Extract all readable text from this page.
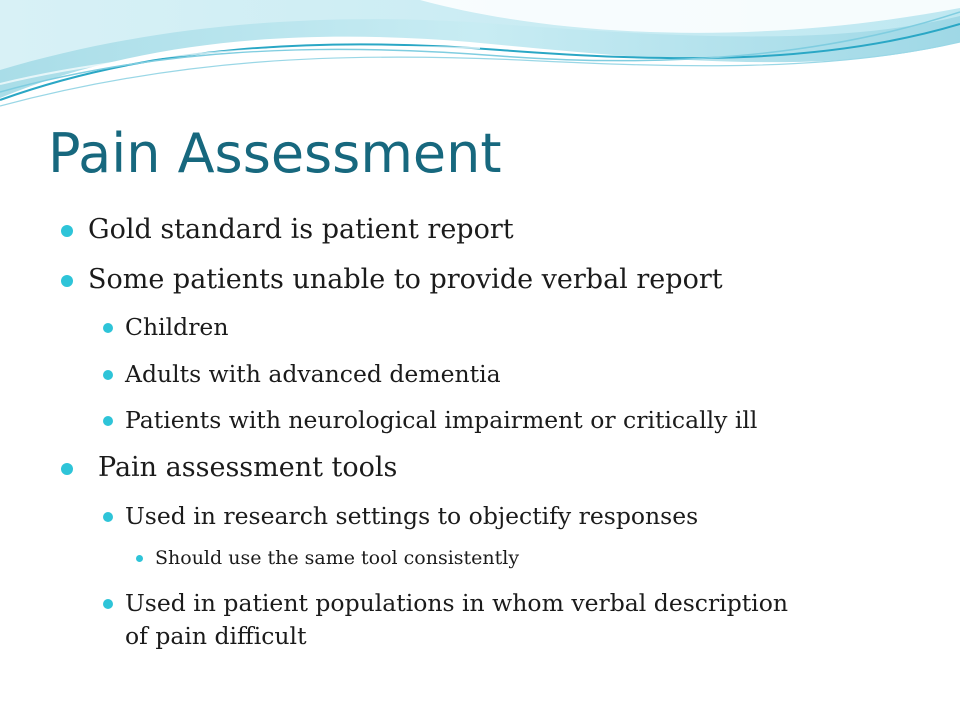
Pain Assessment
Gold standard is patient report
Some patients unable to provide verbal report
Children
Adults with advanced dementia
Patients with neurological impairment or critically ill
Pain assessment tools
Used in research settings to objectify responses
Should use the same tool consistently
Used in patient populations in whom verbal description
of pain difficult
